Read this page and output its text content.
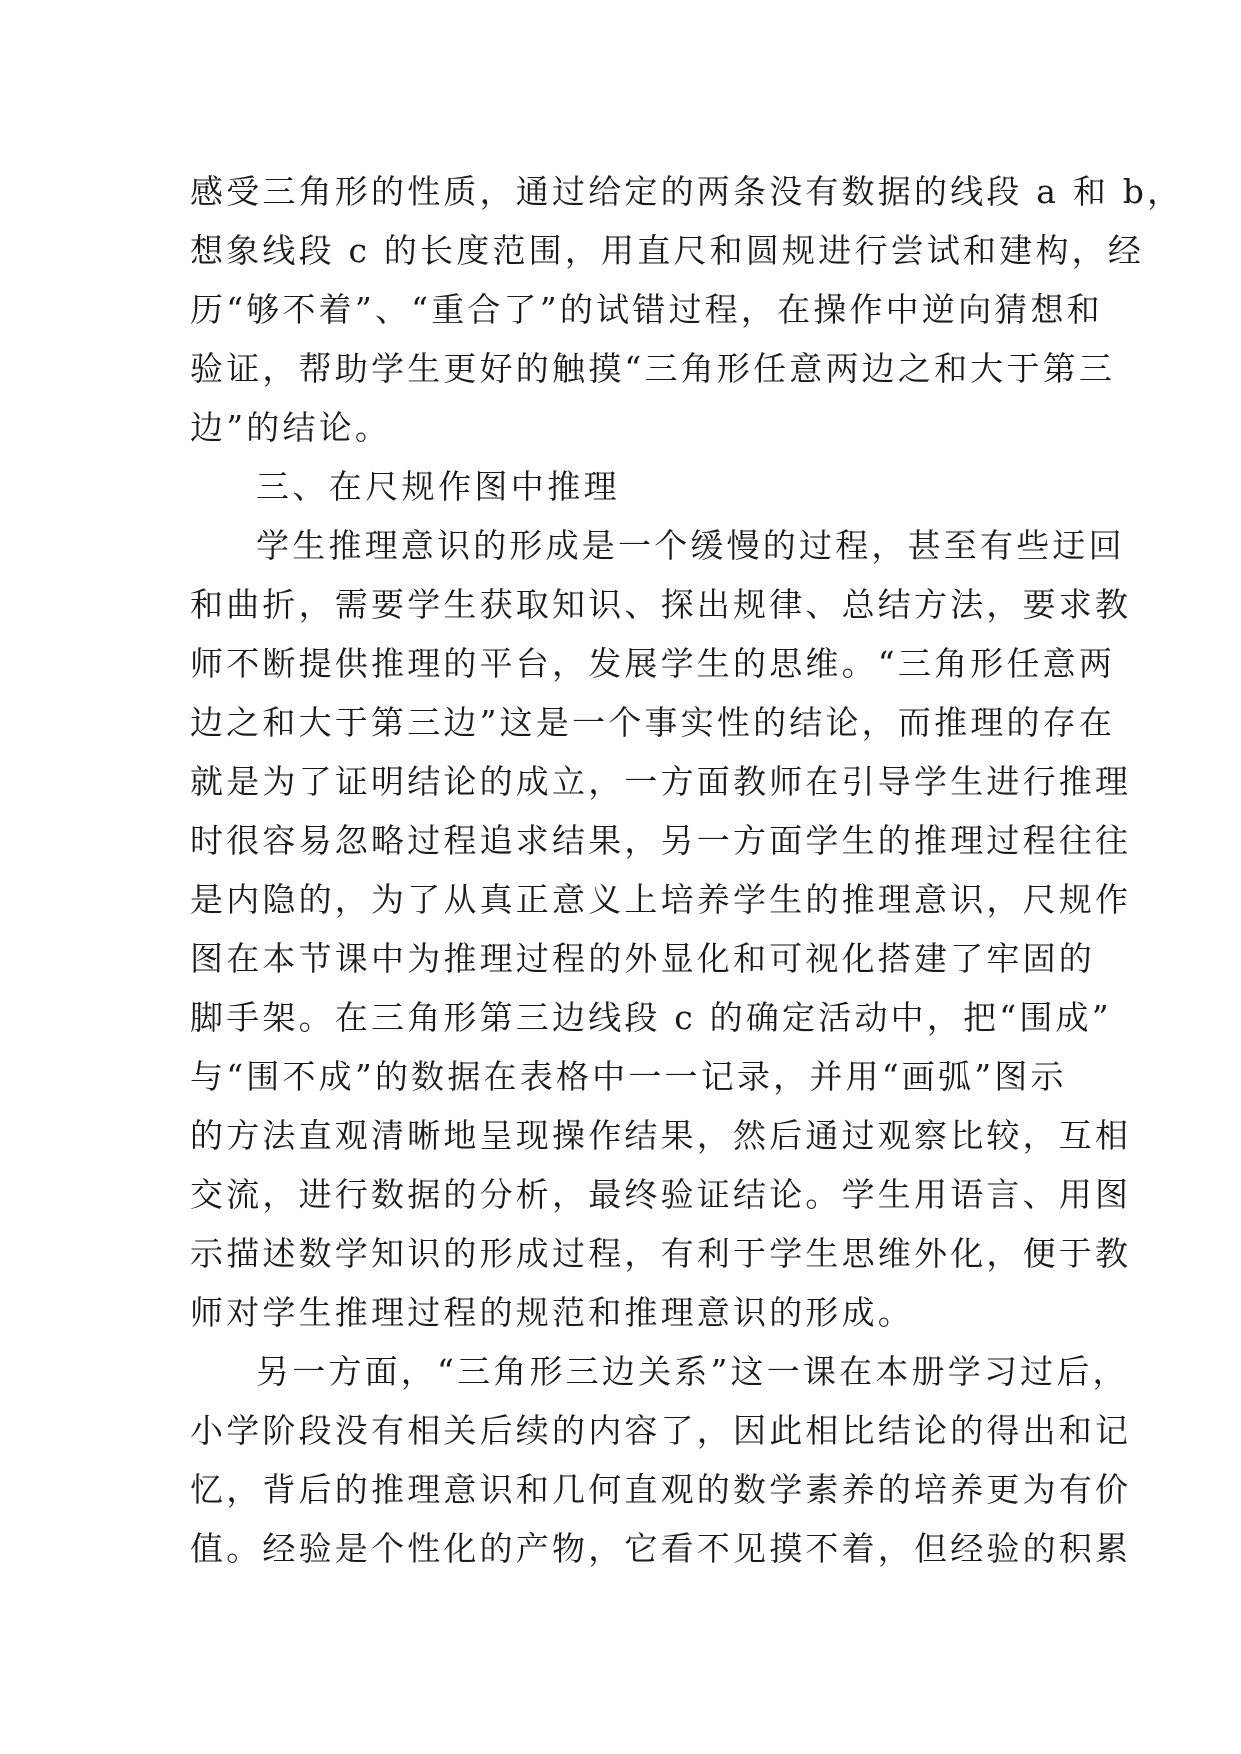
感受三角形的性质，通过给定的两条没有数据的线段 a 和 b，
想象线段 c 的长度范围，用直尺和圆规进行尝试和建构，经
历“够不着”、“重合了”的试错过程，在操作中逆向猜想和
验证，帮助学生更好的触摸“三角形任意两边之和大于第三
边”的结论。
三、在尺规作图中推理
学生推理意识的形成是一个缓慢的过程，甚至有些迂回
和曲折，需要学生获取知识、探出规律、总结方法，要求教
师不断提供推理的平台，发展学生的思维。“三角形任意两
边之和大于第三边”这是一个事实性的结论，而推理的存在
就是为了证明结论的成立，一方面教师在引导学生进行推理
时很容易忽略过程追求结果，另一方面学生的推理过程往往
是内隐的，为了从真正意义上培养学生的推理意识，尺规作
图在本节课中为推理过程的外显化和可视化搭建了牢固的
脚手架。在三角形第三边线段 c 的确定活动中，把“围成”
与“围不成”的数据在表格中一一记录，并用“画弧”图示
的方法直观清晰地呈现操作结果，然后通过观察比较，互相
交流，进行数据的分析，最终验证结论。学生用语言、用图
示描述数学知识的形成过程，有利于学生思维外化，便于教
师对学生推理过程的规范和推理意识的形成。
另一方面，“三角形三边关系”这一课在本册学习过后，
小学阶段没有相关后续的内容了，因此相比结论的得出和记
忆，背后的推理意识和几何直观的数学素养的培养更为有价
值。经验是个性化的产物，它看不见摸不着，但经验的积累
